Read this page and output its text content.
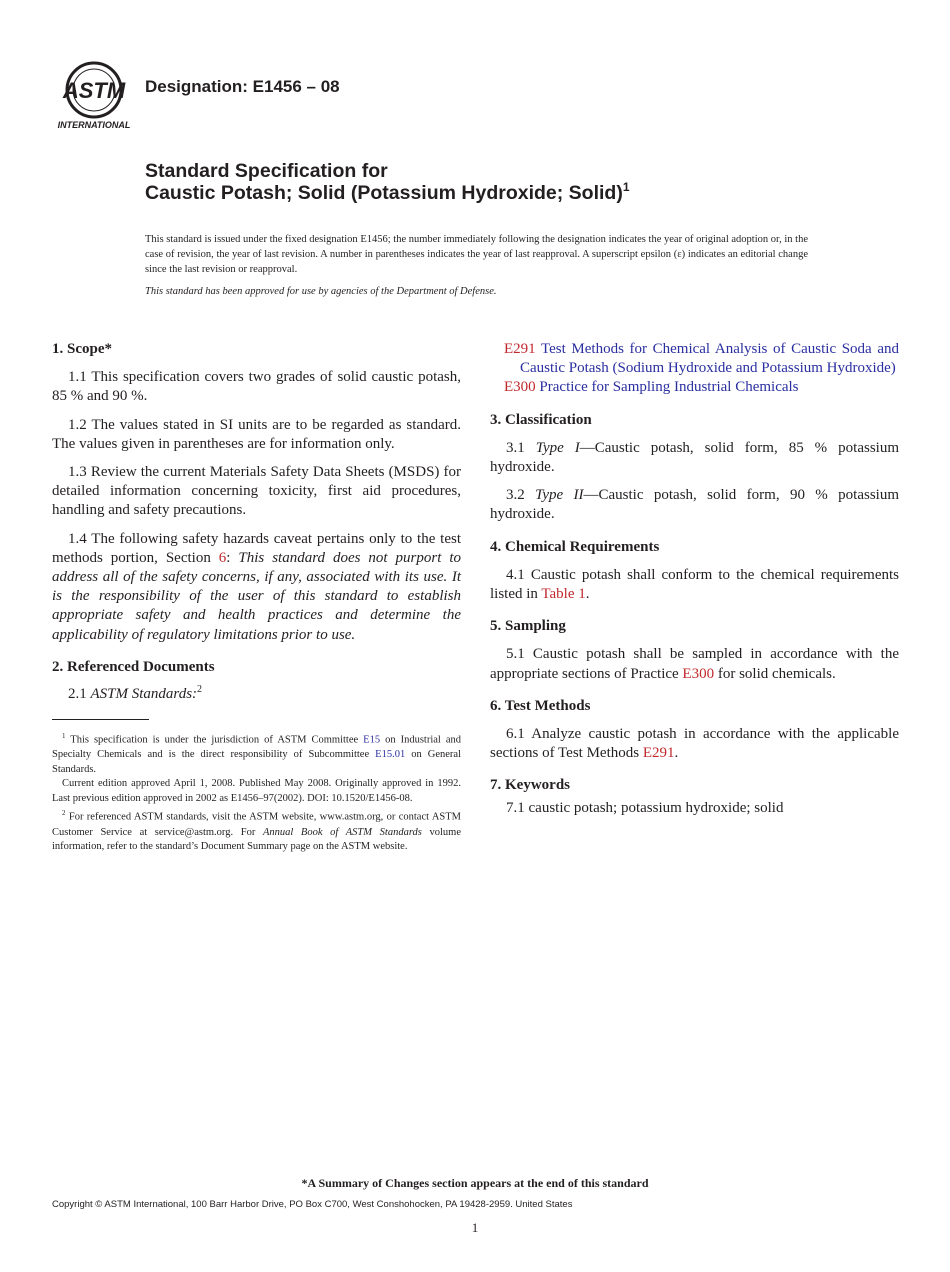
ASTM
INTERNATIONAL
Designation: E1456 – 08
Standard Specification for
Caustic Potash; Solid (Potassium Hydroxide; Solid)$^1$
This standard is issued under the fixed designation E1456; the number immediately following the designation indicates the year of original adoption or, in the case of revision, the year of last revision. A number in parentheses indicates the year of last reapproval. A superscript epsilon (ε) indicates an editorial change since the last revision or reapproval.
This standard has been approved for use by agencies of the Department of Defense.
1. Scope*

1.1 This specification covers two grades of solid caustic potash, 85 % and 90 %.

1.2 The values stated in SI units are to be regarded as standard. The values given in parentheses are for information only.

1.3 Review the current Materials Safety Data Sheets (MSDS) for detailed information concerning toxicity, first aid procedures, handling and safety precautions.

1.4 The following safety hazards caveat pertains only to the test methods portion, Section 6: This standard does not purport to address all of the safety concerns, if any, associated with its use. It is the responsibility of the user of this standard to establish appropriate safety and health practices and determine the applicability of regulatory limitations prior to use.

2. Referenced Documents

2.1 ASTM Standards:$^2$

$^1$ This specification is under the jurisdiction of ASTM Committee E15 on Industrial and Specialty Chemicals and is the direct responsibility of Subcommittee E15.01 on General Standards.

Current edition approved April 1, 2008. Published May 2008. Originally approved in 1992. Last previous edition approved in 2002 as E1456–97(2002). DOI: 10.1520/E1456-08.

$^2$ For referenced ASTM standards, visit the ASTM website, www.astm.org, or contact ASTM Customer Service at service@astm.org. For Annual Book of ASTM Standards volume information, refer to the standard’s Document Summary page on the ASTM website.

E291 Test Methods for Chemical Analysis of Caustic Soda and Caustic Potash (Sodium Hydroxide and Potassium Hydroxide)

E300 Practice for Sampling Industrial Chemicals

3. Classification

3.1 Type I—Caustic potash, solid form, 85 % potassium hydroxide.

3.2 Type II—Caustic potash, solid form, 90 % potassium hydroxide.

4. Chemical Requirements

4.1 Caustic potash shall conform to the chemical requirements listed in Table 1.

5. Sampling

5.1 Caustic potash shall be sampled in accordance with the appropriate sections of Practice E300 for solid chemicals.

6. Test Methods

6.1 Analyze caustic potash in accordance with the applicable sections of Test Methods E291.

7. Keywords

7.1 caustic potash; potassium hydroxide; solid

*A Summary of Changes section appears at the end of this standard
Copyright © ASTM International, 100 Barr Harbor Drive, PO Box C700, West Conshohocken, PA 19428-2959. United States
1
